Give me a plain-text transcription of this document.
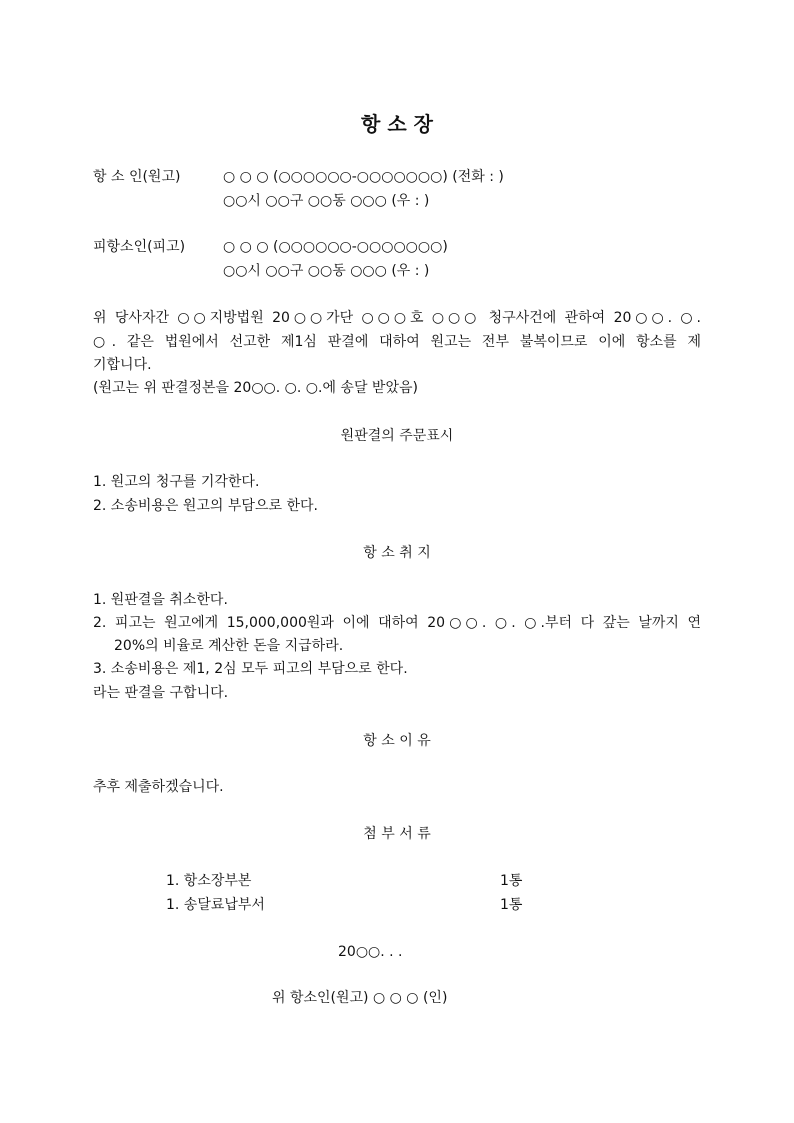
항 소 장
항 소 인(원고)	○ ○ ○ (○○○○○○-○○○○○○○) (전화 : )
○○시 ○○구 ○○동 ○○○ (우 : )
피항소인(피고)	○ ○ ○ (○○○○○○-○○○○○○○)
○○시 ○○구 ○○동 ○○○ (우 : )
위 당사자간 ○○지방법원 20○○가단 ○○○호 ○○○ 청구사건에 관하여 20○○. ○.
○. 같은 법원에서 선고한 제1심 판결에 대하여 원고는 전부 불복이므로 이에 항소를 제
기합니다.
(원고는 위 판결정본을 20○○. ○. ○.에 송달 받았음)
원판결의 주문표시
1. 원고의 청구를 기각한다.
2. 소송비용은 원고의 부담으로 한다.
항 소 취 지
1. 원판결을 취소한다.
2. 피고는 원고에게 15,000,000원과 이에 대하여 20○○. ○. ○.부터 다 갚는 날까지 연
20%의 비율로 계산한 돈을 지급하라.
3. 소송비용은 제1, 2심 모두 피고의 부담으로 한다.
라는 판결을 구합니다.
항 소 이 유
추후 제출하겠습니다.
첨 부 서 류
1. 항소장부본	1통
1. 송달료납부서	1통
20○○. . .
위 항소인(원고) ○ ○ ○ (인)
